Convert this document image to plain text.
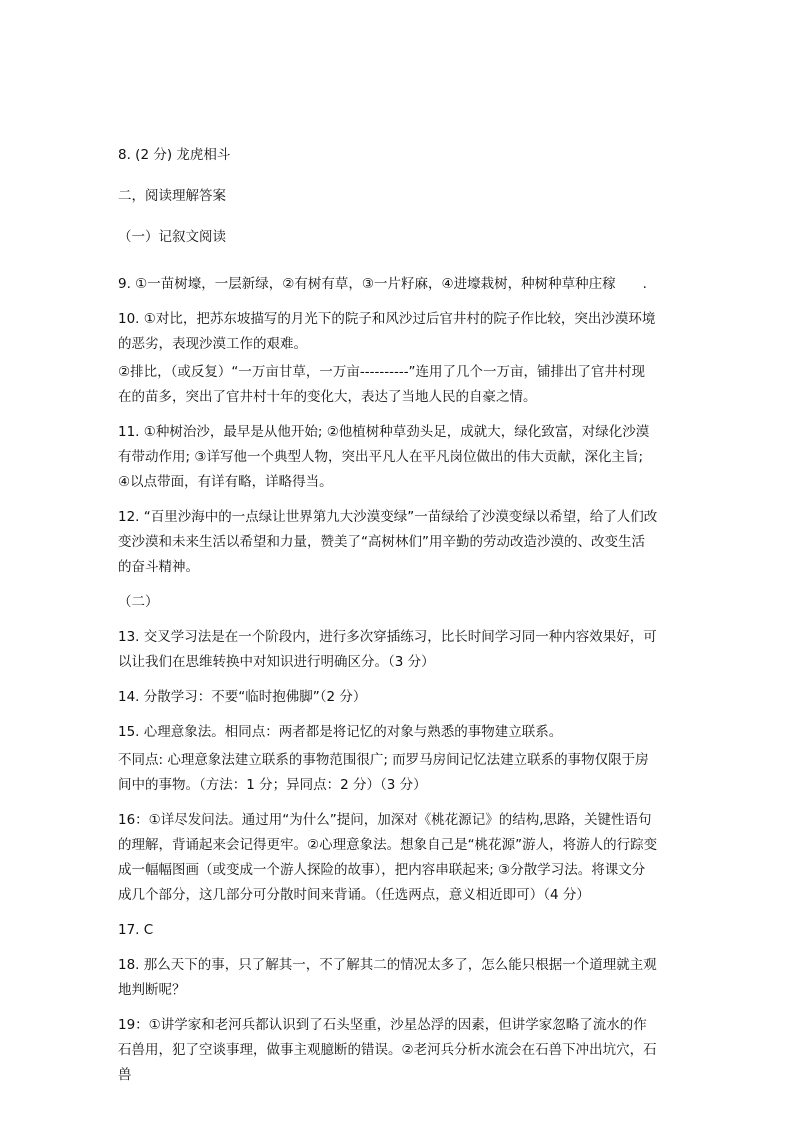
8. (2 分) 龙虎相斗

二，阅读理解答案

（一）记叙文阅读

9. ①一苗树壕，一层新绿，②有树有草，③一片籽麻，④进壕栽树，种树种草种庄稼　　.

10. ①对比，把苏东坡描写的月光下的院子和风沙过后官井村的院子作比较，突出沙漠环境的恶劣，表现沙漠工作的艰难。

②排比，（或反复）“一万亩甘草，一万亩----------”连用了几个一万亩，铺排出了官井村现在的苗多，突出了官井村十年的变化大，表达了当地人民的自豪之情。

11. ①种树治沙，最早是从他开始; ②他植树种草劲头足，成就大，绿化致富，对绿化沙漠有带动作用; ③详写他一个典型人物，突出平凡人在平凡岗位做出的伟大贡献，深化主旨; ④以点带面，有详有略，详略得当。

12. “百里沙海中的一点绿让世界第九大沙漠变绿”一苗绿给了沙漠变绿以希望，给了人们改变沙漠和未来生活以希望和力量，赞美了“高树林们”用辛勤的劳动改造沙漠的、改变生活的奋斗精神。

（二）

13. 交叉学习法是在一个阶段内，进行多次穿插练习，比长时间学习同一种内容效果好，可以让我们在思维转换中对知识进行明确区分。（3 分）

14. 分散学习：不要“临时抱佛脚”（2 分）

15. 心理意象法。相同点：两者都是将记忆的对象与熟悉的事物建立联系。

不同点: 心理意象法建立联系的事物范围很广; 而罗马房间记忆法建立联系的事物仅限于房间中的事物。（方法：1 分；异同点：2 分）（3 分）

16：①详尽发问法。通过用“为什么”提问，加深对《桃花源记》的结构,思路，关键性语句的理解，背诵起来会记得更牢。②心理意象法。想象自己是“桃花源”游人，将游人的行踪变成一幅幅图画（或变成一个游人探险的故事），把内容串联起来; ③分散学习法。将课文分成几个部分，这几部分可分散时间来背诵。（任选两点，意义相近即可）（4 分）

17. C

18. 那么天下的事，只了解其一，不了解其二的情况太多了，怎么能只根据一个道理就主观地判断呢？

19：①讲学家和老河兵都认识到了石头坚重，沙星怂浮的因素，但讲学家忽略了流水的作石兽用，犯了空谈事理，做事主观臆断的错误。②老河兵分析水流会在石兽下冲出坑穴，石兽
